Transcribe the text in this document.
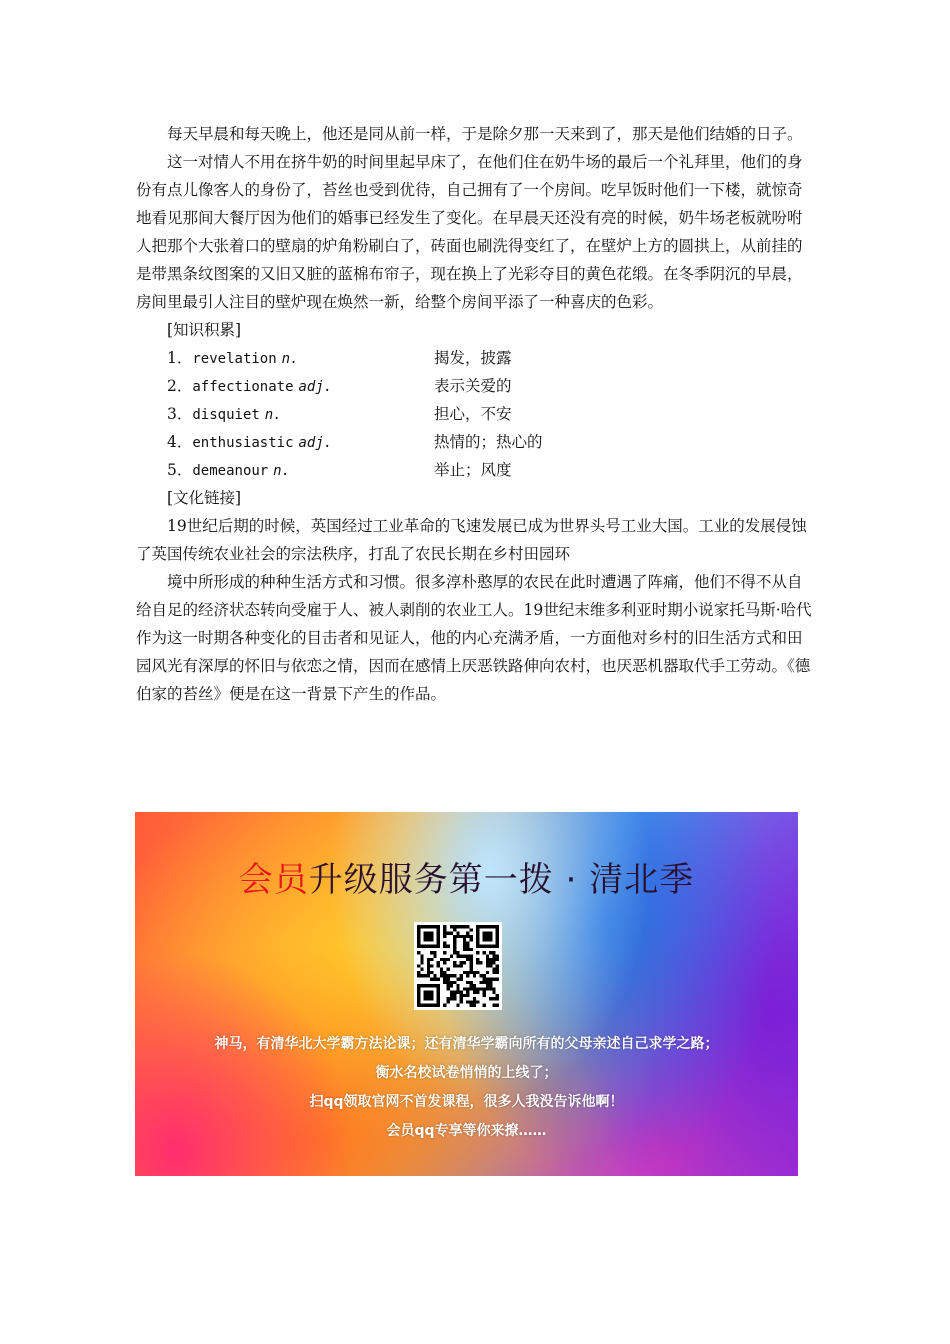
每天早晨和每天晚上，他还是同从前一样，于是除夕那一天来到了，那天是他们结婚的日子。

这一对情人不用在挤牛奶的时间里起早床了，在他们住在奶牛场的最后一个礼拜里，他们的身份有点儿像客人的身份了，苔丝也受到优待，自己拥有了一个房间。吃早饭时他们一下楼，就惊奇地看见那间大餐厅因为他们的婚事已经发生了变化。在早晨天还没有亮的时候，奶牛场老板就吩咐人把那个大张着口的壁扇的炉角粉刷白了，砖面也刷洗得变红了，在壁炉上方的圆拱上，从前挂的是带黑条纹图案的又旧又脏的蓝棉布帘子，现在换上了光彩夺目的黄色花缎。在冬季阴沉的早晨，房间里最引人注目的壁炉现在焕然一新，给整个房间平添了一种喜庆的色彩。

[知识积累]

1．revelation n.	揭发，披露
2．affectionate adj.	表示关爱的
3．disquiet n.	担心，不安
4．enthusiastic adj.	热情的；热心的
5．demeanour n.	举止；风度

[文化链接]

19世纪后期的时候，英国经过工业革命的飞速发展已成为世界头号工业大国。工业的发展侵蚀了英国传统农业社会的宗法秩序，打乱了农民长期在乡村田园环

境中所形成的种种生活方式和习惯。很多淳朴憨厚的农民在此时遭遇了阵痛，他们不得不从自给自足的经济状态转向受雇于人、被人剥削的农业工人。19世纪末维多利亚时期小说家托马斯·哈代作为这一时期各种变化的目击者和见证人，他的内心充满矛盾，一方面他对乡村的旧生活方式和田园风光有深厚的怀旧与依恋之情，因而在感情上厌恶铁路伸向农村，也厌恶机器取代手工劳动。《德伯家的苔丝》便是在这一背景下产生的作品。

会员升级服务第一拨 · 清北季
神马，有清华北大学霸方法论课；还有清华学霸向所有的父母亲述自己求学之路；
衡水名校试卷悄悄的上线了；
扫qq领取官网不首发课程，很多人我没告诉他啊！
会员qq专享等你来撩……
